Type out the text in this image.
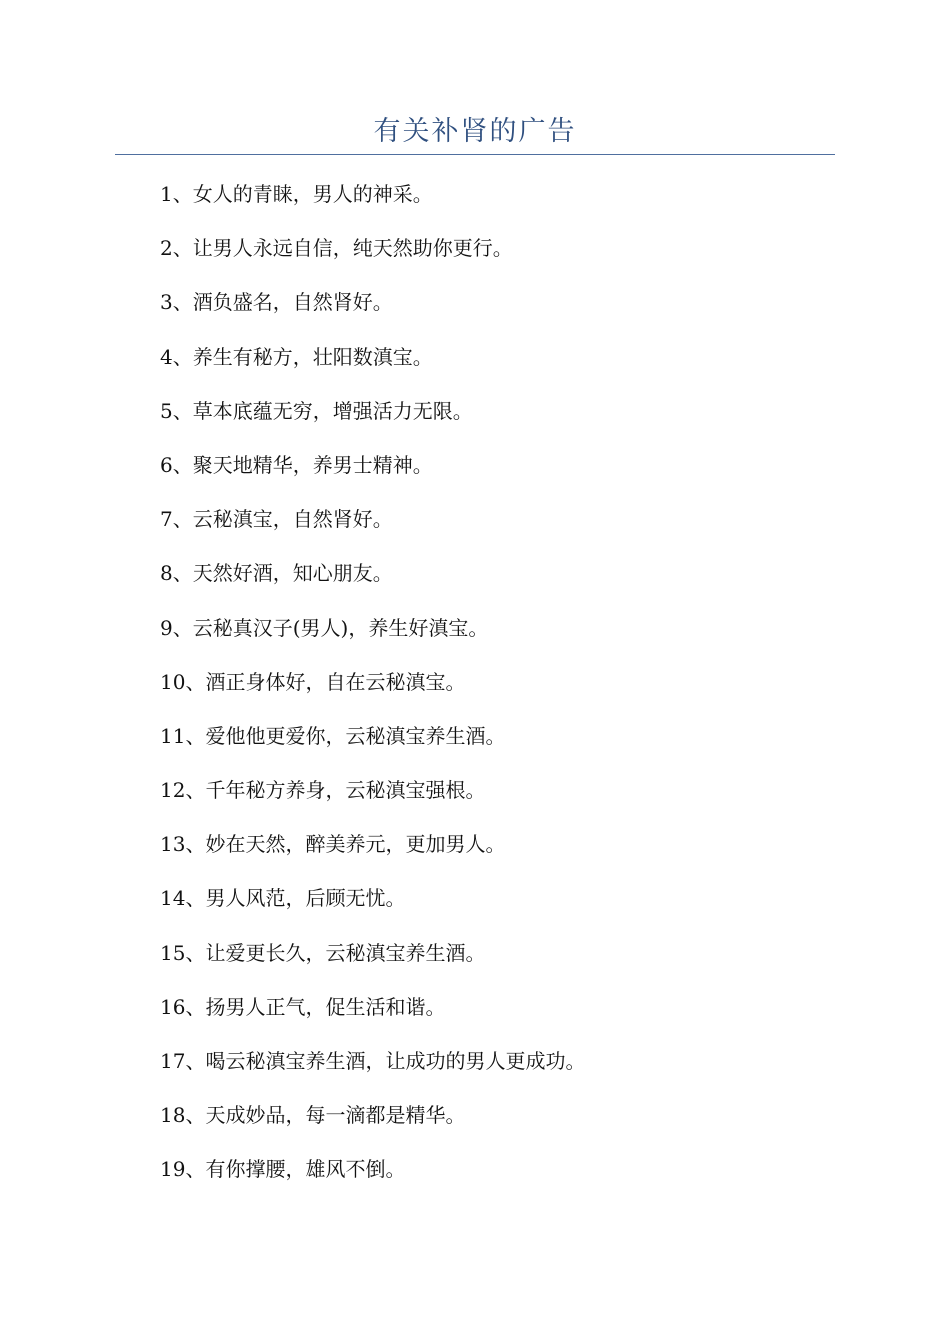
有关补肾的广告
1、女人的青睐，男人的神采。
2、让男人永远自信，纯天然助你更行。
3、酒负盛名，自然肾好。
4、养生有秘方，壮阳数滇宝。
5、草本底蕴无穷，增强活力无限。
6、聚天地精华，养男士精神。
7、云秘滇宝，自然肾好。
8、天然好酒，知心朋友。
9、云秘真汉子(男人)，养生好滇宝。
10、酒正身体好，自在云秘滇宝。
11、爱他他更爱你，云秘滇宝养生酒。
12、千年秘方养身，云秘滇宝强根。
13、妙在天然，醉美养元，更加男人。
14、男人风范，后顾无忧。
15、让爱更长久，云秘滇宝养生酒。
16、扬男人正气，促生活和谐。
17、喝云秘滇宝养生酒，让成功的男人更成功。
18、天成妙品，每一滴都是精华。
19、有你撑腰，雄风不倒。
